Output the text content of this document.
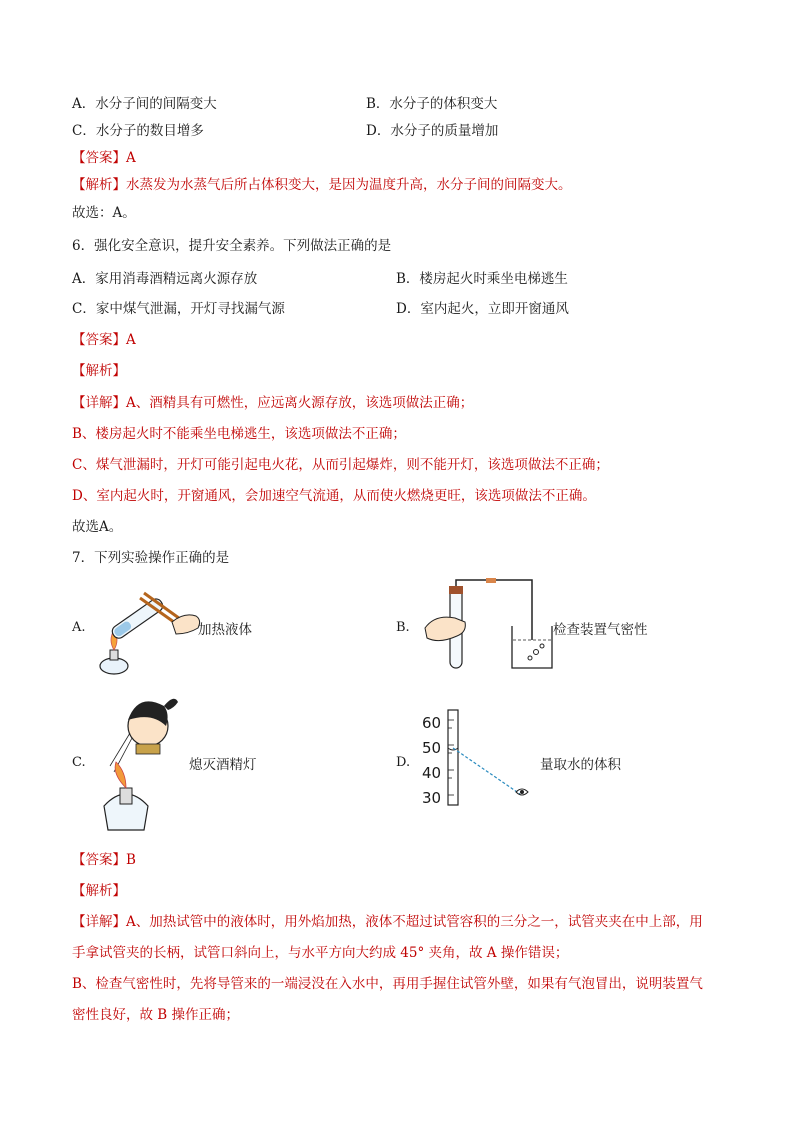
A．水分子间的间隔变大	B．水分子的体积变大
C．水分子的数目增多	D．水分子的质量增加
【答案】A
【解析】水蒸发为水蒸气后所占体积变大，是因为温度升高，水分子间的间隔变大。
故选：A。
6．强化安全意识，提升安全素养。下列做法正确的是
A．家用消毒酒精远离火源存放	B．楼房起火时乘坐电梯逃生
C．家中煤气泄漏，开灯寻找漏气源	D．室内起火，立即开窗通风
【答案】A
【解析】
【详解】A、酒精具有可燃性，应远离火源存放，该选项做法正确；
B、楼房起火时不能乘坐电梯逃生，该选项做法不正确；
C、煤气泄漏时，开灯可能引起电火花，从而引起爆炸，则不能开灯，该选项做法不正确；
D、室内起火时，开窗通风，会加速空气流通，从而使火燃烧更旺，该选项做法不正确。
故选A。
7．下列实验操作正确的是
A.	加热液体	B.	检查装置气密性
C.	熄灭酒精灯	D.
60
50
40
30
量取水的体积
【答案】B
【解析】
【详解】A、加热试管中的液体时，用外焰加热，液体不超过试管容积的三分之一，试管夹夹在中上部，用
手拿试管夹的长柄，试管口斜向上，与水平方向大约成 45° 夹角，故 A 操作错误；
B、检查气密性时，先将导管来的一端浸没在入水中，再用手握住试管外壁，如果有气泡冒出，说明装置气
密性良好，故 B 操作正确；
